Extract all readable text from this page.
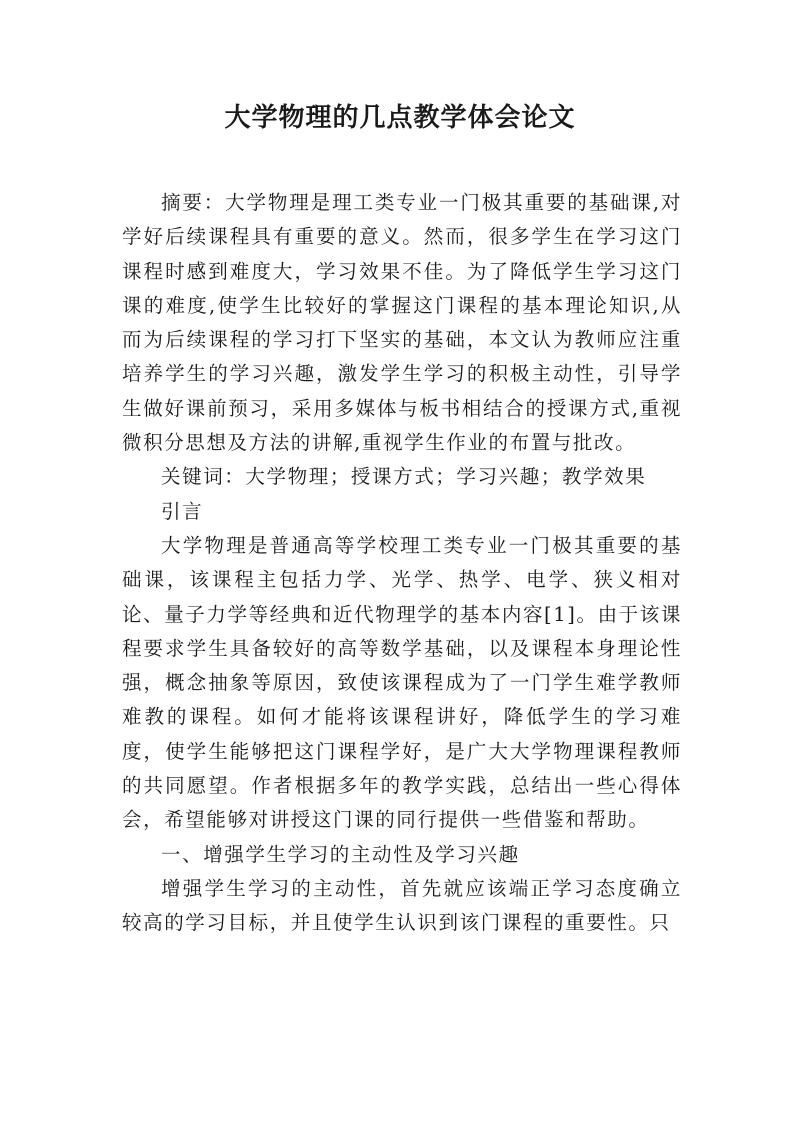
大学物理的几点教学体会论文

摘要：大学物理是理工类专业一门极其重要的基础课,对学好后续课程具有重要的意义。然而，很多学生在学习这门课程时感到难度大，学习效果不佳。为了降低学生学习这门课的难度,使学生比较好的掌握这门课程的基本理论知识,从而为后续课程的学习打下坚实的基础，本文认为教师应注重培养学生的学习兴趣，激发学生学习的积极主动性，引导学生做好课前预习，采用多媒体与板书相结合的授课方式,重视微积分思想及方法的讲解,重视学生作业的布置与批改。

关键词：大学物理；授课方式；学习兴趣；教学效果

引言

大学物理是普通高等学校理工类专业一门极其重要的基础课，该课程主包括力学、光学、热学、电学、狭义相对论、量子力学等经典和近代物理学的基本内容[1]。由于该课程要求学生具备较好的高等数学基础，以及课程本身理论性强，概念抽象等原因，致使该课程成为了一门学生难学教师难教的课程。如何才能将该课程讲好，降低学生的学习难度，使学生能够把这门课程学好，是广大大学物理课程教师的共同愿望。作者根据多年的教学实践，总结出一些心得体会，希望能够对讲授这门课的同行提供一些借鉴和帮助。

一、增强学生学习的主动性及学习兴趣

增强学生学习的主动性，首先就应该端正学习态度确立较高的学习目标，并且使学生认识到该门课程的重要性。只
